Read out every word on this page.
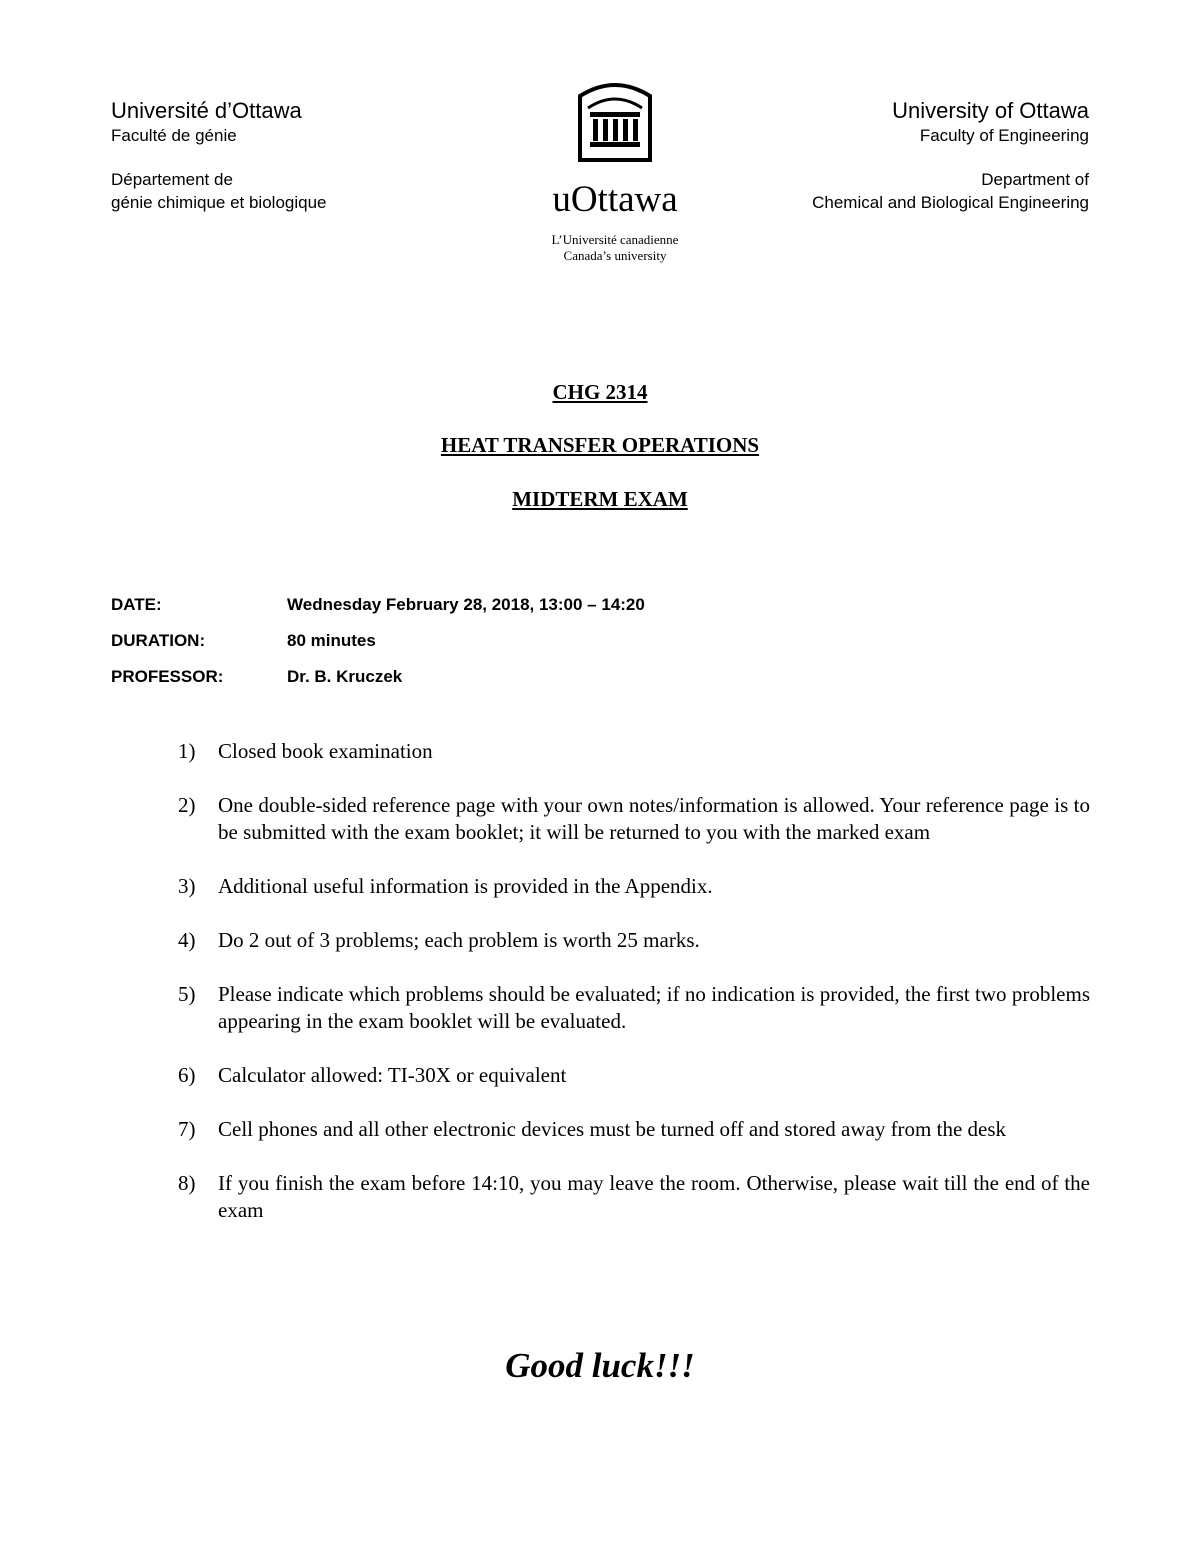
Université d’Ottawa
Faculté de génie
Département de
génie chimique et biologique	uOttawa
L’Université canadienne
Canada’s university
University of Ottawa
Faculty of Engineering
Department of
Chemical and Biological Engineering
CHG 2314
HEAT TRANSFER OPERATIONS
MIDTERM EXAM
DATE:	Wednesday February 28, 2018, 13:00 – 14:20
DURATION:	80 minutes
PROFESSOR:	Dr. B. Kruczek
1) Closed book examination
2) One double-sided reference page with your own notes/information is allowed. Your reference page is to be submitted with the exam booklet; it will be returned to you with the marked exam
3) Additional useful information is provided in the Appendix.
4) Do 2 out of 3 problems; each problem is worth 25 marks.
5) Please indicate which problems should be evaluated; if no indication is provided, the first two problems appearing in the exam booklet will be evaluated.
6) Calculator allowed: TI-30X or equivalent
7) Cell phones and all other electronic devices must be turned off and stored away from the desk
8) If you finish the exam before 14:10, you may leave the room. Otherwise, please wait till the end of the exam
Good luck!!!
